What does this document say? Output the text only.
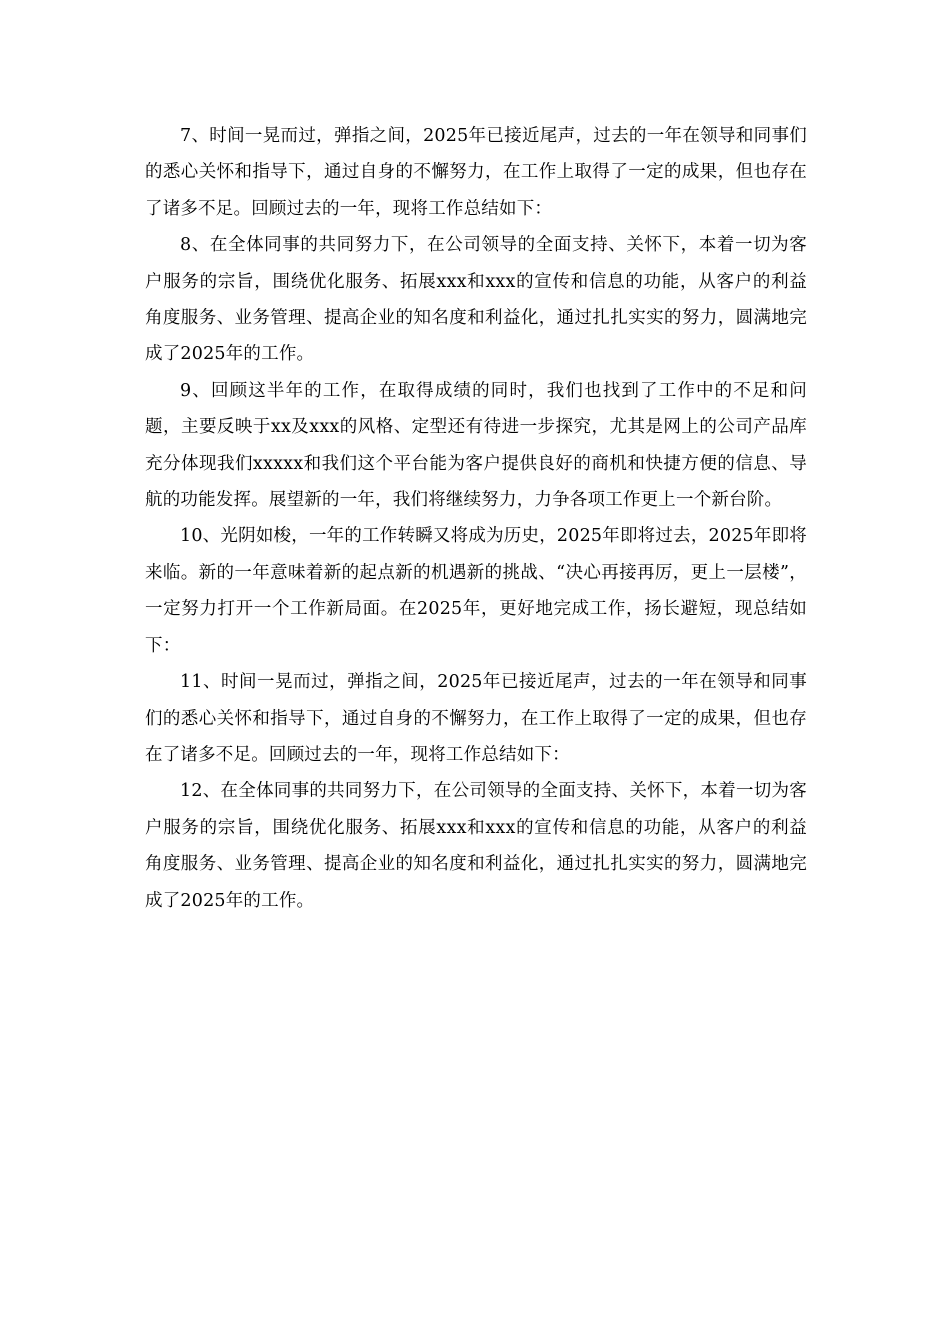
7、时间一晃而过，弹指之间，2025年已接近尾声，过去的一年在领导和同事们的悉心关怀和指导下，通过自身的不懈努力，在工作上取得了一定的成果，但也存在了诸多不足。回顾过去的一年，现将工作总结如下：

8、在全体同事的共同努力下，在公司领导的全面支持、关怀下，本着一切为客户服务的宗旨，围绕优化服务、拓展xxx和xxx的宣传和信息的功能，从客户的利益角度服务、业务管理、提高企业的知名度和利益化，通过扎扎实实的努力，圆满地完成了2025年的工作。

9、回顾这半年的工作，在取得成绩的同时，我们也找到了工作中的不足和问题，主要反映于xx及xxx的风格、定型还有待进一步探究，尤其是网上的公司产品库充分体现我们xxxxx和我们这个平台能为客户提供良好的商机和快捷方便的信息、导航的功能发挥。展望新的一年，我们将继续努力，力争各项工作更上一个新台阶。

10、光阴如梭，一年的工作转瞬又将成为历史，2025年即将过去，2025年即将来临。新的一年意味着新的起点新的机遇新的挑战、“决心再接再厉，更上一层楼”，一定努力打开一个工作新局面。在2025年，更好地完成工作，扬长避短，现总结如下：

11、时间一晃而过，弹指之间，2025年已接近尾声，过去的一年在领导和同事们的悉心关怀和指导下，通过自身的不懈努力，在工作上取得了一定的成果，但也存在了诸多不足。回顾过去的一年，现将工作总结如下：

12、在全体同事的共同努力下，在公司领导的全面支持、关怀下，本着一切为客户服务的宗旨，围绕优化服务、拓展xxx和xxx的宣传和信息的功能，从客户的利益角度服务、业务管理、提高企业的知名度和利益化，通过扎扎实实的努力，圆满地完成了2025年的工作。
